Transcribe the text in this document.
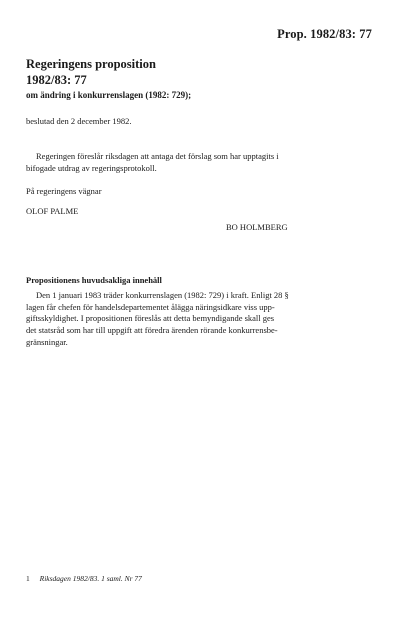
Prop. 1982/83: 77
Regeringens proposition
1982/83: 77
om ändring i konkurrenslagen (1982: 729);
beslutad den 2 december 1982.
Regeringen föreslår riksdagen att antaga det förslag som har upptagits i
bifogade utdrag av regeringsprotokoll.
På regeringens vägnar
OLOF PALME
BO HOLMBERG
Propositionens huvudsakliga innehåll
Den 1 januari 1983 träder konkurrenslagen (1982: 729) i kraft. Enligt 28 §
lagen får chefen för handelsdepartementet ålägga näringsidkare viss upp-
giftsskyldighet. I propositionen föreslås att detta bemyndigande skall ges
det statsråd som har till uppgift att föredra ärenden rörande konkurrensbe-
gränsningar.
1 Riksdagen 1982/83. 1 saml. Nr 77
